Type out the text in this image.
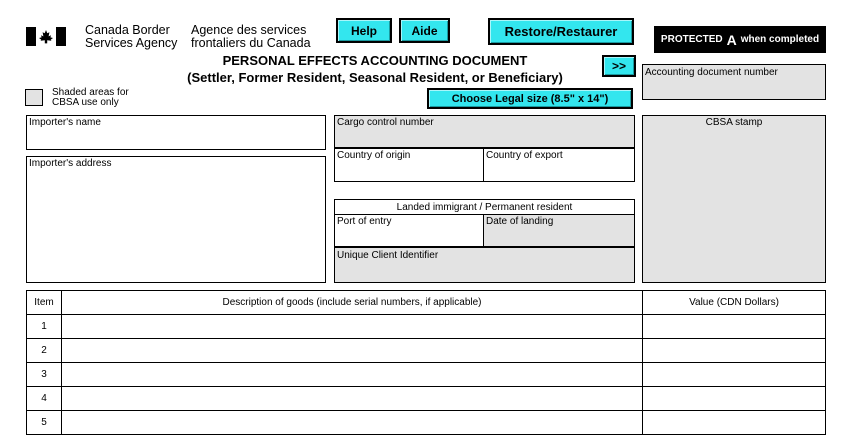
Canada Border
Services Agency
Agence des services
frontaliers du Canada
Help	Aide	Restore/Restaurer
PROTECTED A when completed
PERSONAL EFFECTS ACCOUNTING DOCUMENT
(Settler, Former Resident, Seasonal Resident, or Beneficiary)
>>
Choose Legal size (8.5" x 14")
Shaded areas for
CBSA use only
Accounting document number
Importer's name
Importer's address
Cargo control number
Country of origin	Country of export
Landed immigrant / Permanent resident
Port of entry	Date of landing
Unique Client Identifier
CBSA stamp
Item	Description of goods (include serial numbers, if applicable)	Value (CDN Dollars)
1		
2		
3		
4		
5		
